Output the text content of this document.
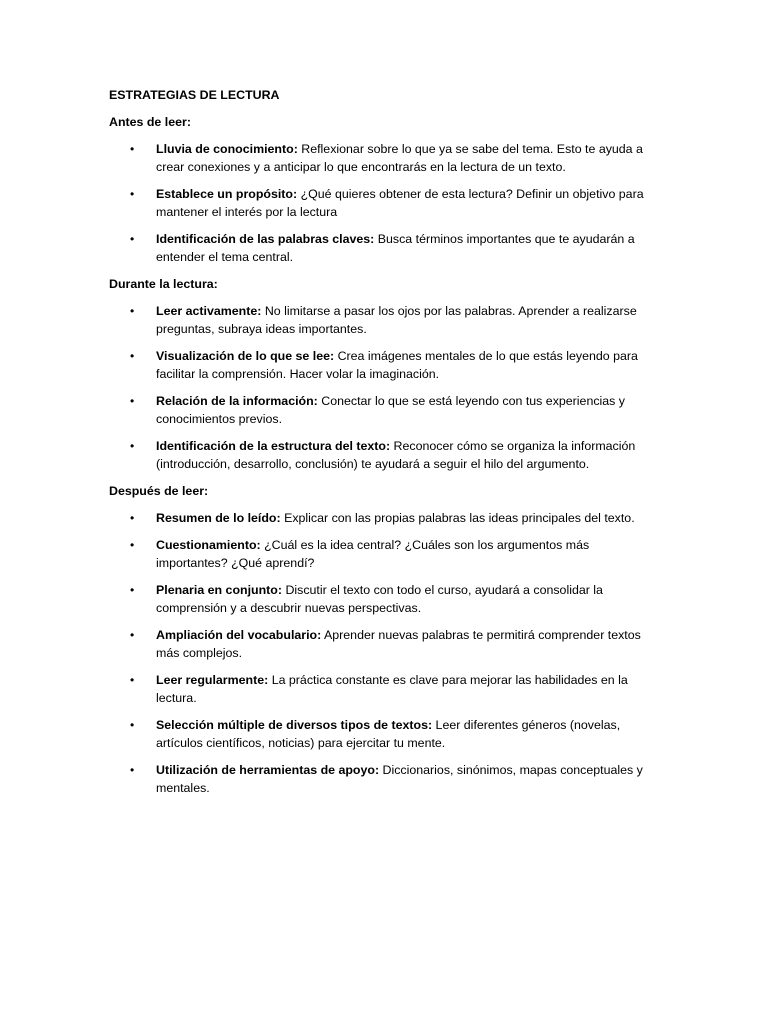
ESTRATEGIAS DE LECTURA
Antes de leer:
• Lluvia de conocimiento: Reflexionar sobre lo que ya se sabe del tema. Esto te ayuda a crear conexiones y a anticipar lo que encontrarás en la lectura de un texto.
• Establece un propósito: ¿Qué quieres obtener de esta lectura? Definir un objetivo para mantener el interés por la lectura
• Identificación de las palabras claves: Busca términos importantes que te ayudarán a entender el tema central.
Durante la lectura:
• Leer activamente: No limitarse a pasar los ojos por las palabras. Aprender a realizarse preguntas, subraya ideas importantes.
• Visualización de lo que se lee: Crea imágenes mentales de lo que estás leyendo para facilitar la comprensión. Hacer volar la imaginación.
• Relación de la información: Conectar lo que se está leyendo con tus experiencias y conocimientos previos.
• Identificación de la estructura del texto: Reconocer cómo se organiza la información (introducción, desarrollo, conclusión) te ayudará a seguir el hilo del argumento.
Después de leer:
• Resumen de lo leído: Explicar con las propias palabras las ideas principales del texto.
• Cuestionamiento: ¿Cuál es la idea central? ¿Cuáles son los argumentos más importantes? ¿Qué aprendí?
• Plenaria en conjunto: Discutir el texto con todo el curso, ayudará a consolidar la comprensión y a descubrir nuevas perspectivas.
• Ampliación del vocabulario: Aprender nuevas palabras te permitirá comprender textos más complejos.
• Leer regularmente: La práctica constante es clave para mejorar las habilidades en la lectura.
• Selección múltiple de diversos tipos de textos: Leer diferentes géneros (novelas, artículos científicos, noticias) para ejercitar tu mente.
• Utilización de herramientas de apoyo: Diccionarios, sinónimos, mapas conceptuales y mentales.
